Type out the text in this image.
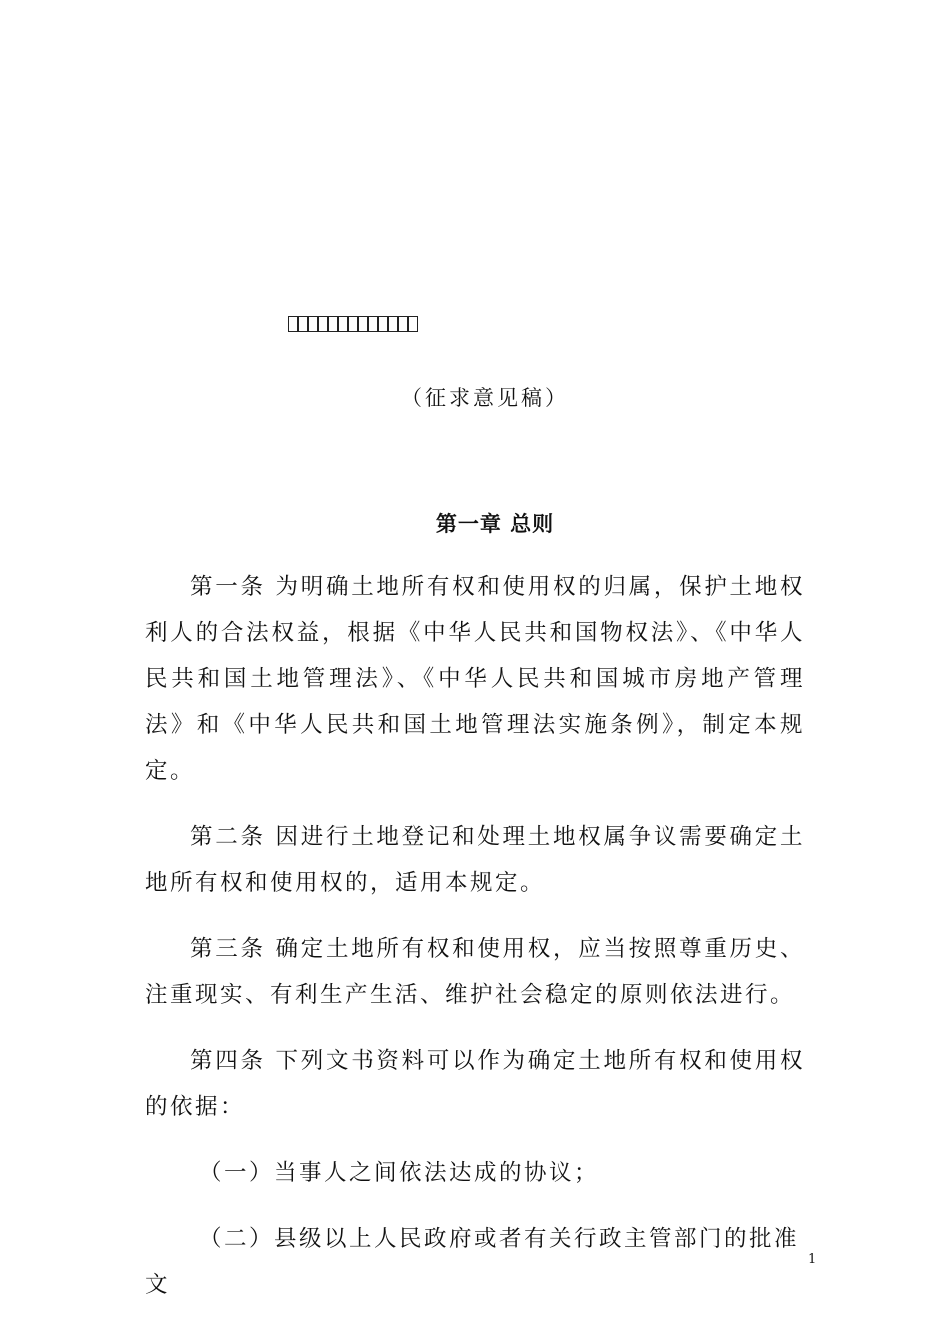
（征求意见稿）
第一章 总则

第一条 为明确土地所有权和使用权的归属，保护土地权利人的合法权益，根据《中华人民共和国物权法》、《中华人民共和国土地管理法》、《中华人民共和国城市房地产管理法》和《中华人民共和国土地管理法实施条例》，制定本规定。

第二条 因进行土地登记和处理土地权属争议需要确定土地所有权和使用权的，适用本规定。

第三条 确定土地所有权和使用权，应当按照尊重历史、注重现实、有利生产生活、维护社会稳定的原则依法进行。

第四条 下列文书资料可以作为确定土地所有权和使用权的依据：

（一）当事人之间依法达成的协议；

（二）县级以上人民政府或者有关行政主管部门的批准文

1
